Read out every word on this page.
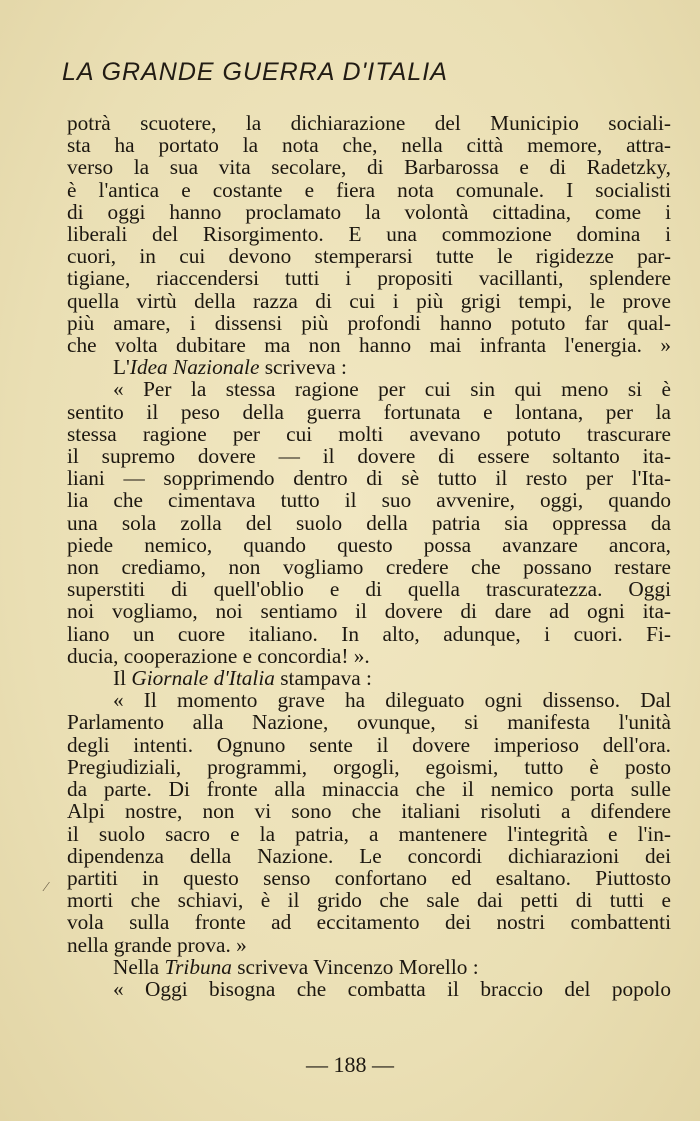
LA GRANDE GUERRA D'ITALIA
potrà scuotere, la dichiarazione del Municipio sociali-
sta ha portato la nota che, nella città memore, attra-
verso la sua vita secolare, di Barbarossa e di Radetzky,
è l'antica e costante e fiera nota comunale. I socialisti
di oggi hanno proclamato la volontà cittadina, come i
liberali del Risorgimento. E una commozione domina i
cuori, in cui devono stemperarsi tutte le rigidezze par-
tigiane, riaccendersi tutti i propositi vacillanti, splendere
quella virtù della razza di cui i più grigi tempi, le prove
più amare, i dissensi più profondi hanno potuto far qual-
che volta dubitare ma non hanno mai infranta l'energia. »
L'Idea Nazionale scriveva :
« Per la stessa ragione per cui sin qui meno si è
sentito il peso della guerra fortunata e lontana, per la
stessa ragione per cui molti avevano potuto trascurare
il supremo dovere — il dovere di essere soltanto ita-
liani — sopprimendo dentro di sè tutto il resto per l'Ita-
lia che cimentava tutto il suo avvenire, oggi, quando
una sola zolla del suolo della patria sia oppressa da
piede nemico, quando questo possa avanzare ancora,
non crediamo, non vogliamo credere che possano restare
superstiti di quell'oblio e di quella trascuratezza. Oggi
noi vogliamo, noi sentiamo il dovere di dare ad ogni ita-
liano un cuore italiano. In alto, adunque, i cuori. Fi-
ducia, cooperazione e concordia! ».
Il Giornale d'Italia stampava :
« Il momento grave ha dileguato ogni dissenso. Dal
Parlamento alla Nazione, ovunque, si manifesta l'unità
degli intenti. Ognuno sente il dovere imperioso dell'ora.
Pregiudiziali, programmi, orgogli, egoismi, tutto è posto
da parte. Di fronte alla minaccia che il nemico porta sulle
Alpi nostre, non vi sono che italiani risoluti a difendere
il suolo sacro e la patria, a mantenere l'integrità e l'in-
dipendenza della Nazione. Le concordi dichiarazioni dei
partiti in questo senso confortano ed esaltano. Piuttosto
morti che schiavi, è il grido che sale dai petti di tutti e
vola sulla fronte ad eccitamento dei nostri combattenti
nella grande prova. »
Nella Tribuna scriveva Vincenzo Morello :
« Oggi bisogna che combatta il braccio del popolo
⁄
— 188 —
